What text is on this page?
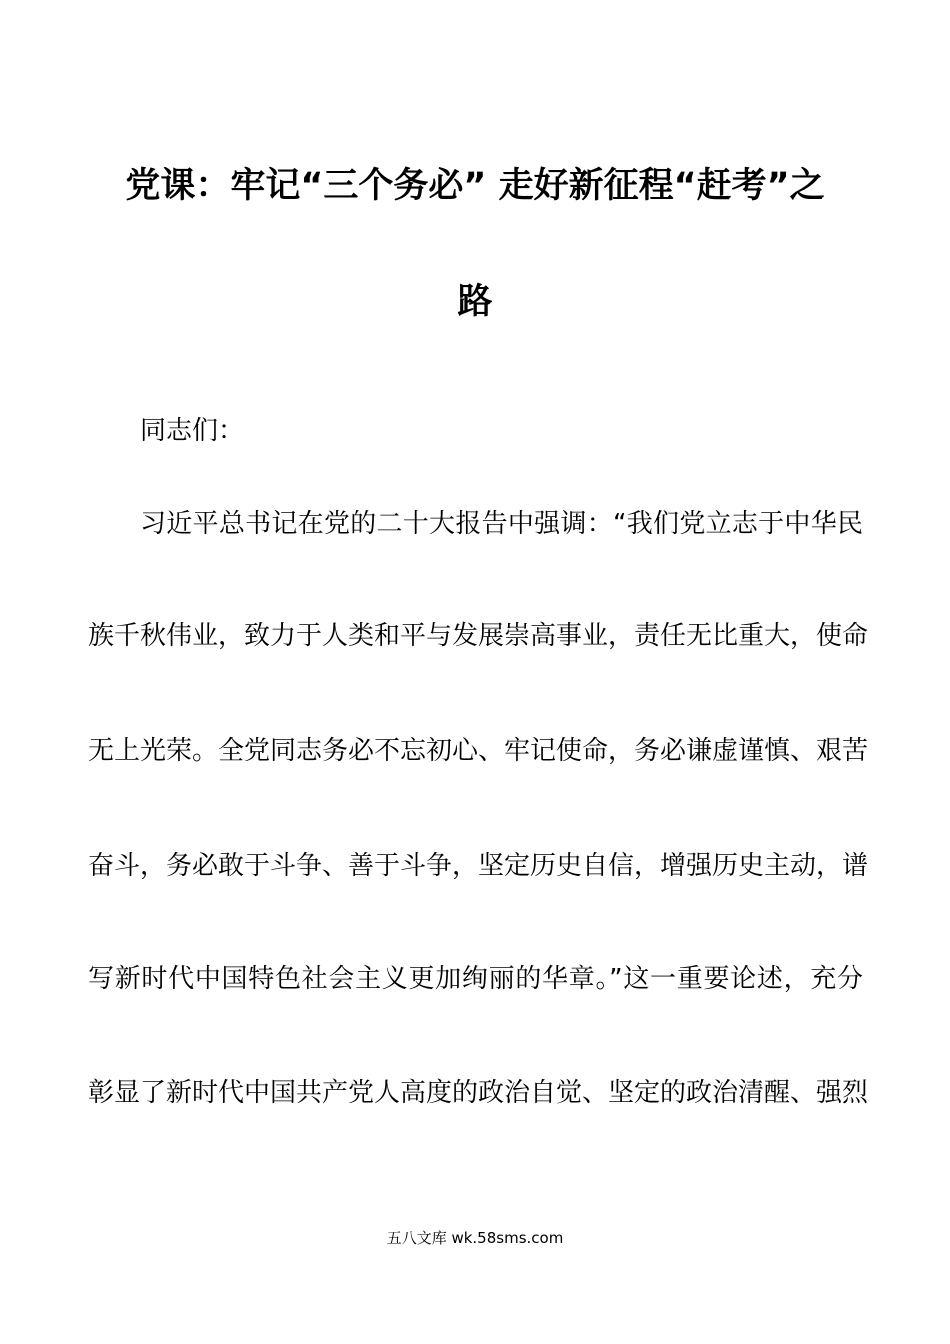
党课：牢记“三个务必” 走好新征程“赶考”之
路
同志们：
习近平总书记在党的二十大报告中强调：“我们党立志于中华民
族千秋伟业，致力于人类和平与发展崇高事业，责任无比重大，使命
无上光荣。全党同志务必不忘初心、牢记使命，务必谦虚谨慎、艰苦
奋斗，务必敢于斗争、善于斗争，坚定历史自信，增强历史主动，谱
写新时代中国特色社会主义更加绚丽的华章。”这一重要论述，充分
彰显了新时代中国共产党人高度的政治自觉、坚定的政治清醒、强烈
五八文库 wk.58sms.com
